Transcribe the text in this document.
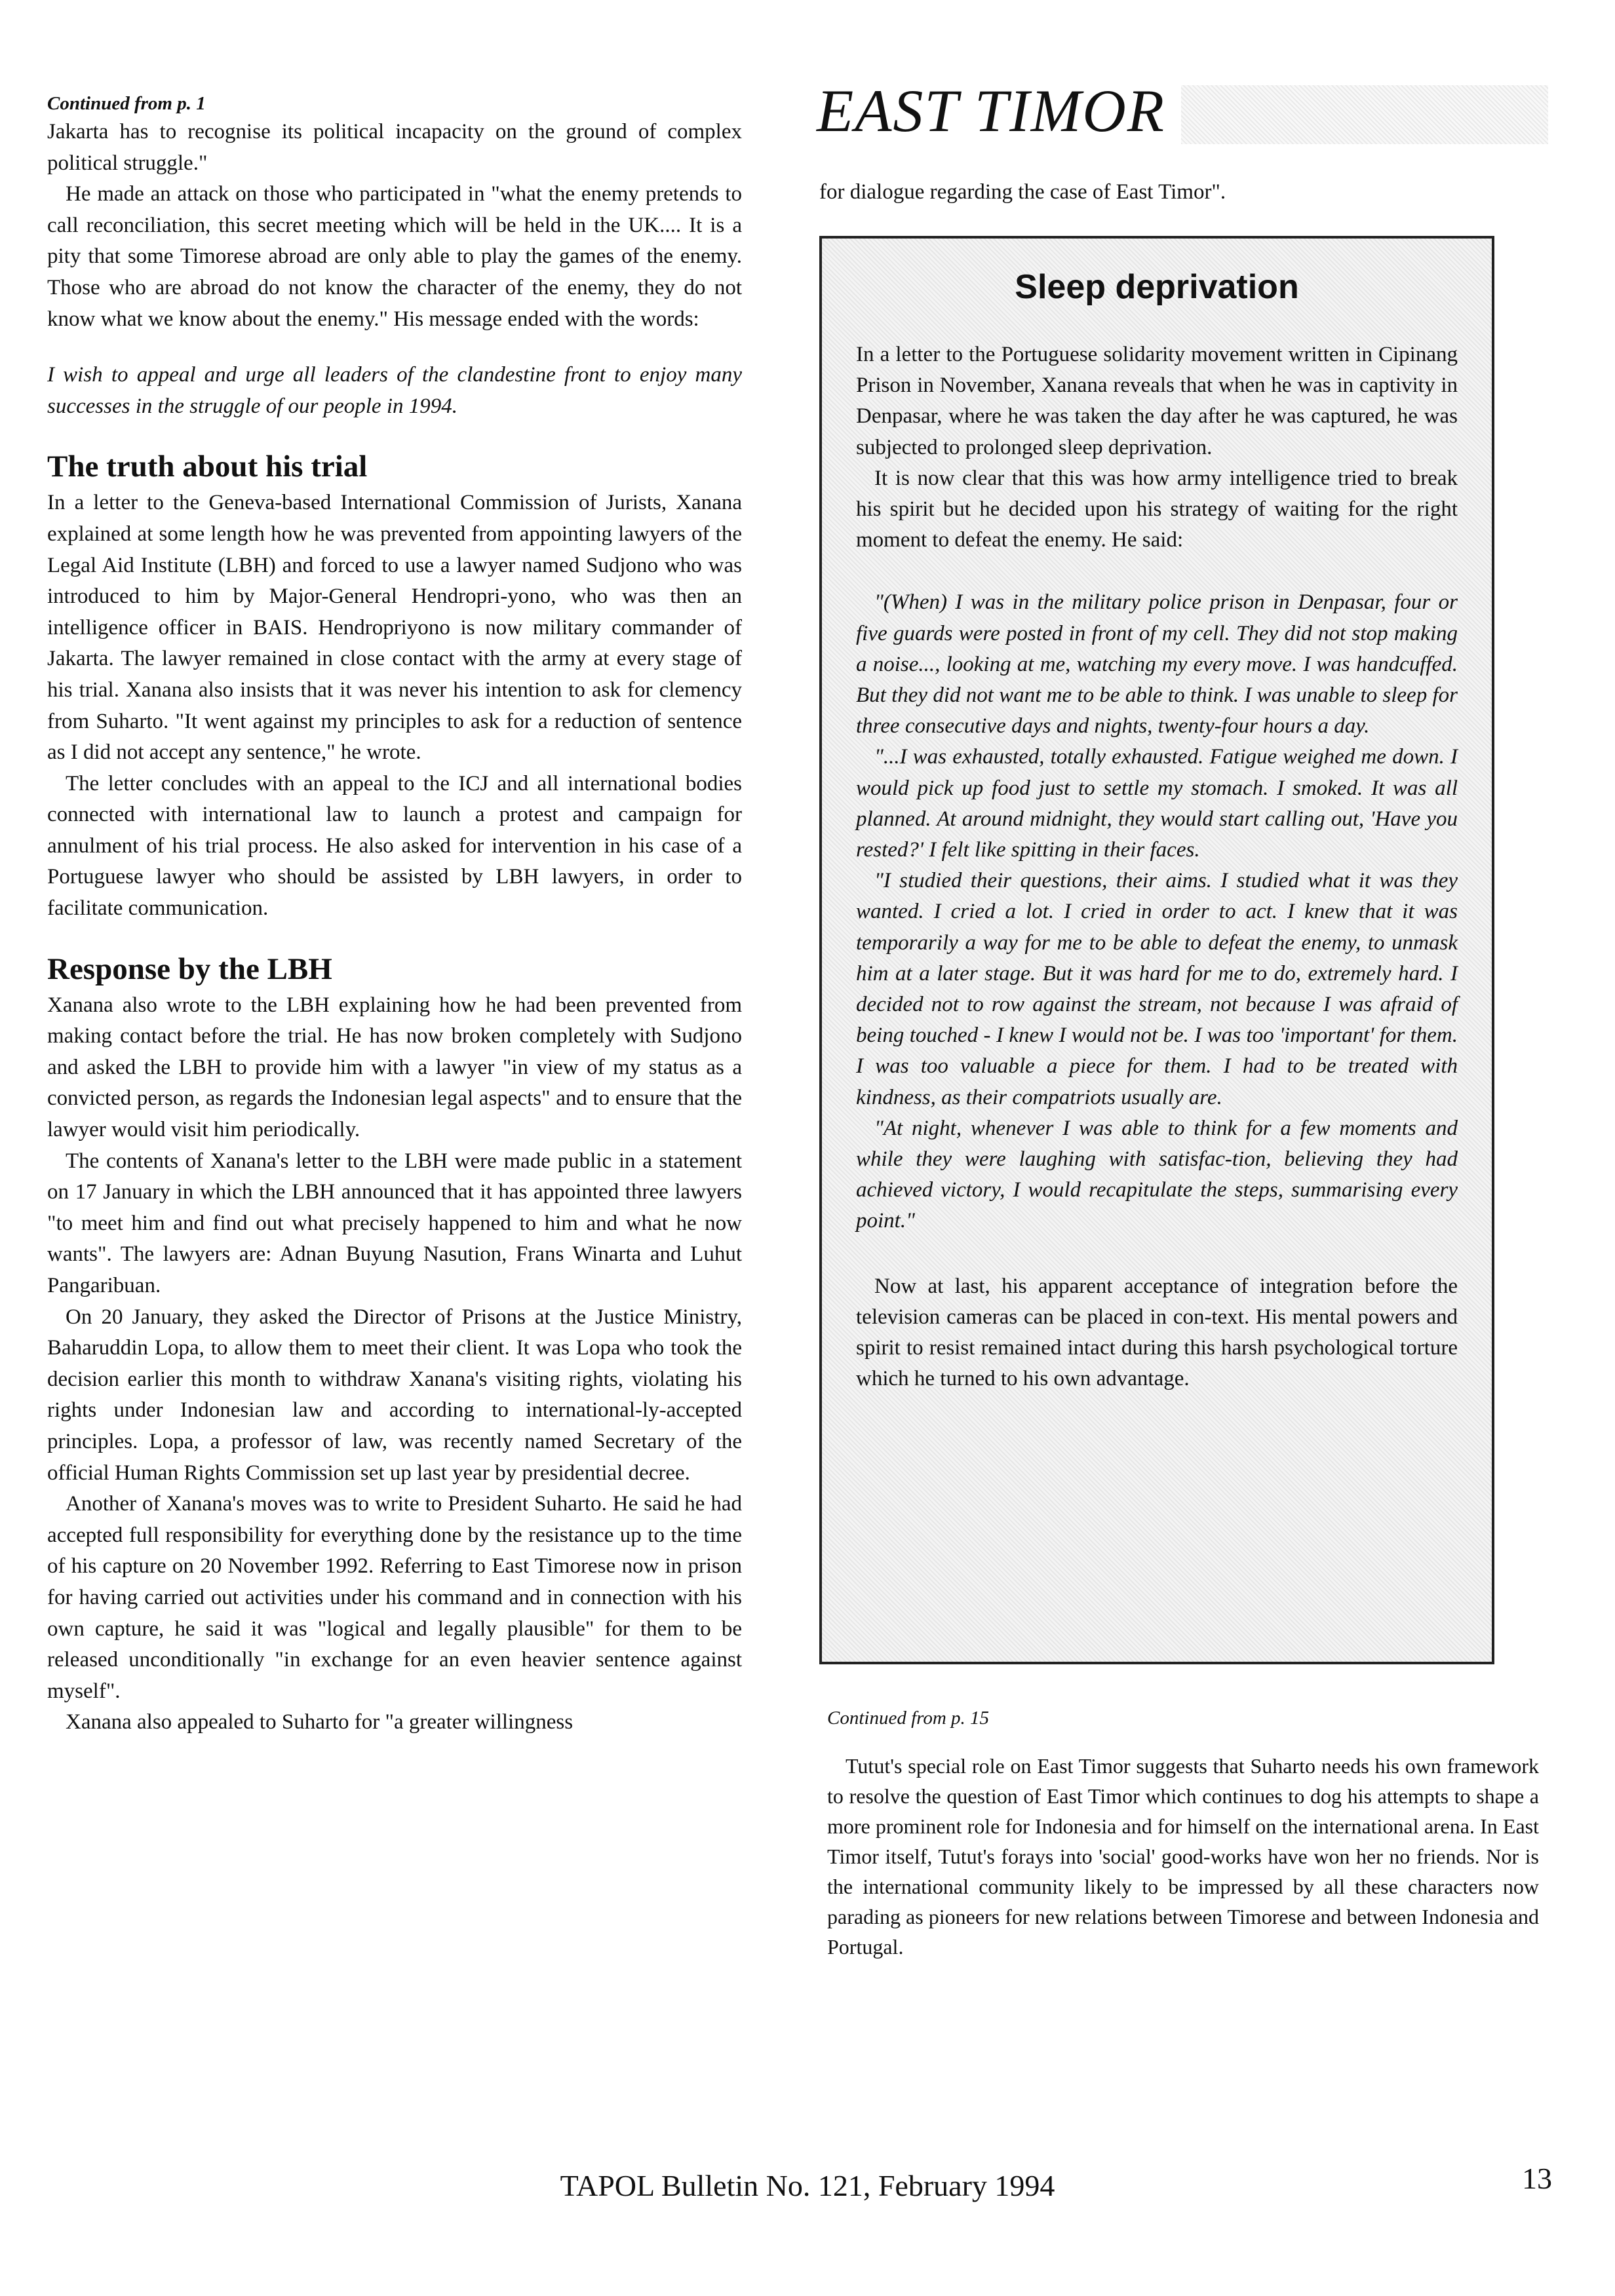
Continued from p. 1

Jakarta has to recognise its political incapacity on the ground of complex political struggle."

He made an attack on those who participated in "what the enemy pretends to call reconciliation, this secret meeting which will be held in the UK.... It is a pity that some Timorese abroad are only able to play the games of the enemy. Those who are abroad do not know the character of the enemy, they do not know what we know about the enemy." His message ended with the words:

I wish to appeal and urge all leaders of the clandestine front to enjoy many successes in the struggle of our people in 1994.

The truth about his trial

In a letter to the Geneva-based International Commission of Jurists, Xanana explained at some length how he was prevented from appointing lawyers of the Legal Aid Institute (LBH) and forced to use a lawyer named Sudjono who was introduced to him by Major-General Hendropri-yono, who was then an intelligence officer in BAIS. Hendropriyono is now military commander of Jakarta. The lawyer remained in close contact with the army at every stage of his trial. Xanana also insists that it was never his intention to ask for clemency from Suharto. "It went against my principles to ask for a reduction of sentence as I did not accept any sentence," he wrote.

The letter concludes with an appeal to the ICJ and all international bodies connected with international law to launch a protest and campaign for annulment of his trial process. He also asked for intervention in his case of a Portuguese lawyer who should be assisted by LBH lawyers, in order to facilitate communication.

Response by the LBH

Xanana also wrote to the LBH explaining how he had been prevented from making contact before the trial. He has now broken completely with Sudjono and asked the LBH to provide him with a lawyer "in view of my status as a convicted person, as regards the Indonesian legal aspects" and to ensure that the lawyer would visit him periodically.

The contents of Xanana's letter to the LBH were made public in a statement on 17 January in which the LBH announced that it has appointed three lawyers "to meet him and find out what precisely happened to him and what he now wants". The lawyers are: Adnan Buyung Nasution, Frans Winarta and Luhut Pangaribuan.

On 20 January, they asked the Director of Prisons at the Justice Ministry, Baharuddin Lopa, to allow them to meet their client. It was Lopa who took the decision earlier this month to withdraw Xanana's visiting rights, violating his rights under Indonesian law and according to international-ly-accepted principles. Lopa, a professor of law, was recently named Secretary of the official Human Rights Commission set up last year by presidential decree.

Another of Xanana's moves was to write to President Suharto. He said he had accepted full responsibility for everything done by the resistance up to the time of his capture on 20 November 1992. Referring to East Timorese now in prison for having carried out activities under his command and in connection with his own capture, he said it was "logical and legally plausible" for them to be released unconditionally "in exchange for an even heavier sentence against myself".

Xanana also appealed to Suharto for "a greater willingness

EAST TIMOR
for dialogue regarding the case of East Timor".
Sleep deprivation

In a letter to the Portuguese solidarity movement written in Cipinang Prison in November, Xanana reveals that when he was in captivity in Denpasar, where he was taken the day after he was captured, he was subjected to prolonged sleep deprivation.

It is now clear that this was how army intelligence tried to break his spirit but he decided upon his strategy of waiting for the right moment to defeat the enemy. He said:

"(When) I was in the military police prison in Denpasar, four or five guards were posted in front of my cell. They did not stop making a noise..., looking at me, watching my every move. I was handcuffed. But they did not want me to be able to think. I was unable to sleep for three consecutive days and nights, twenty-four hours a day.

"...I was exhausted, totally exhausted. Fatigue weighed me down. I would pick up food just to settle my stomach. I smoked. It was all planned. At around midnight, they would start calling out, 'Have you rested?' I felt like spitting in their faces.

"I studied their questions, their aims. I studied what it was they wanted. I cried a lot. I cried in order to act. I knew that it was temporarily a way for me to be able to defeat the enemy, to unmask him at a later stage. But it was hard for me to do, extremely hard. I decided not to row against the stream, not because I was afraid of being touched - I knew I would not be. I was too 'important' for them. I was too valuable a piece for them. I had to be treated with kindness, as their compatriots usually are.

"At night, whenever I was able to think for a few moments and while they were laughing with satisfac-tion, believing they had achieved victory, I would recapitulate the steps, summarising every point."

Now at last, his apparent acceptance of integration before the television cameras can be placed in con-text. His mental powers and spirit to resist remained intact during this harsh psychological torture which he turned to his own advantage.

Continued from p. 15

Tutut's special role on East Timor suggests that Suharto needs his own framework to resolve the question of East Timor which continues to dog his attempts to shape a more prominent role for Indonesia and for himself on the international arena. In East Timor itself, Tutut's forays into 'social' good-works have won her no friends. Nor is the international community likely to be impressed by all these characters now parading as pioneers for new relations between Timorese and between Indonesia and Portugal.

TAPOL Bulletin No. 121, February 1994	13
